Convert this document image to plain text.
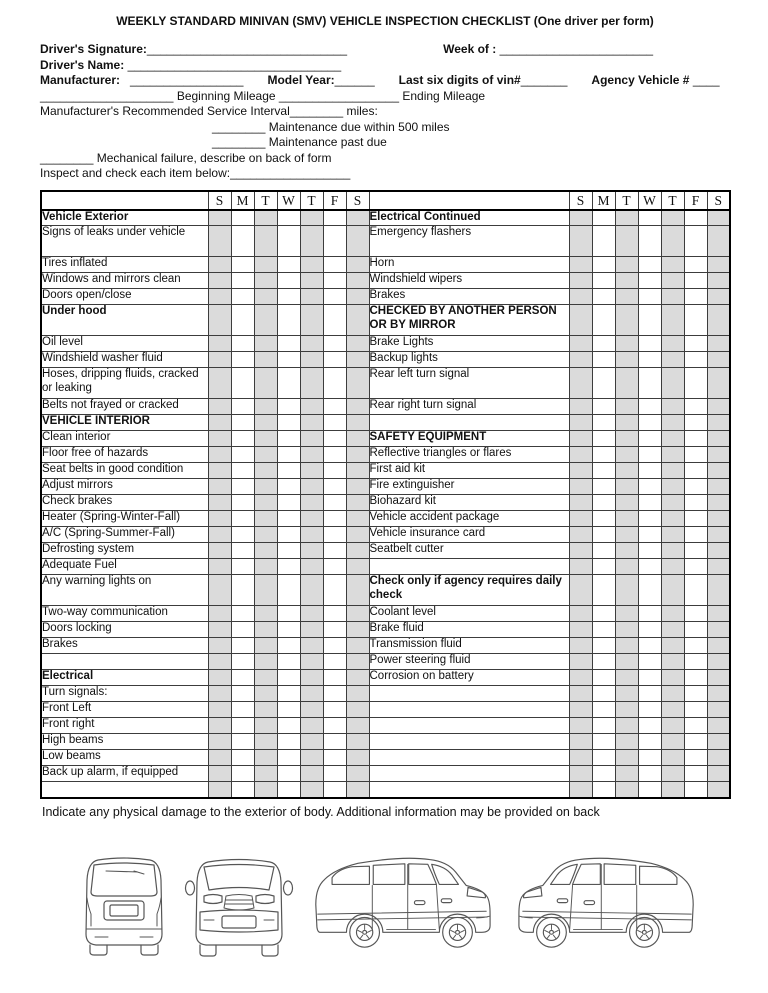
WEEKLY STANDARD MINIVAN (SMV) VEHICLE INSPECTION CHECKLIST (One driver per form)
Driver's Signature:______________________________	Week of : _______________________
Driver's Name: ________________________________
Manufacturer: _________________ Model Year:______ Last six digits of vin#_______ Agency Vehicle # ____
____________________ Beginning Mileage __________________ Ending Mileage
Manufacturer's Recommended Service Interval________ miles:
________ Maintenance due within 500 miles
________ Maintenance past due
________ Mechanical failure, describe on back of form
Inspect and check each item below:__________________
	S	M	T	W	T	F	S		S	M	T	W	T	F	S
Vehicle Exterior								Electrical Continued							
Signs of leaks under vehicle								Emergency flashers							
Tires inflated								Horn							
Windows and mirrors clean								Windshield wipers							
Doors open/close								Brakes							
Under hood								CHECKED BY ANOTHER PERSON OR BY MIRROR							
Oil level								Brake Lights							
Windshield washer fluid								Backup lights							
Hoses, dripping fluids, cracked or leaking								Rear left turn signal							
Belts not frayed or cracked								Rear right turn signal							
VEHICLE INTERIOR															
Clean interior								SAFETY EQUIPMENT							
Floor free of hazards								Reflective triangles or flares							
Seat belts in good condition								First aid kit							
Adjust mirrors								Fire extinguisher							
Check brakes								Biohazard kit							
Heater (Spring-Winter-Fall)								Vehicle accident package							
A/C (Spring-Summer-Fall)								Vehicle insurance card							
Defrosting system								Seatbelt cutter							
Adequate Fuel															
Any warning lights on								Check only if agency requires daily check							
Two-way communication								Coolant level							
Doors locking								Brake fluid							
Brakes								Transmission fluid							
								Power steering fluid							
Electrical								Corrosion on battery							
Turn signals:															
Front Left															
Front right															
High beams															
Low beams															
Back up alarm, if equipped															

Indicate any physical damage to the exterior of body. Additional information may be provided on back
